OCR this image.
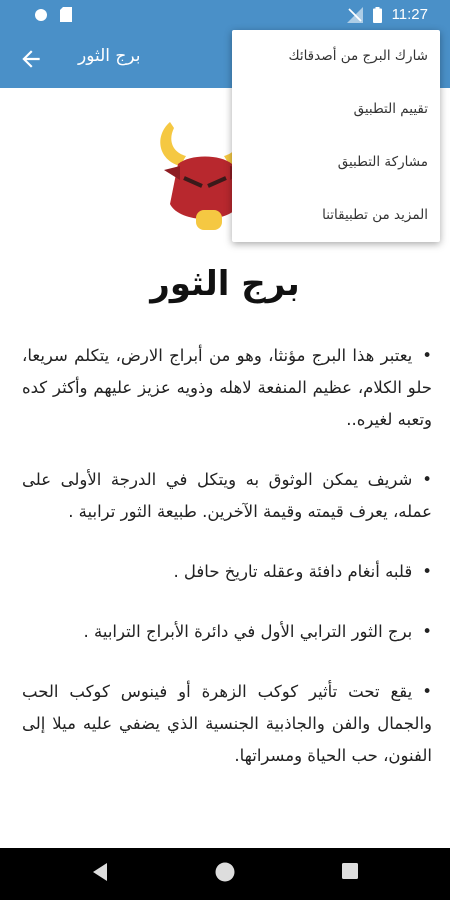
11:27
برج الثور
برج الثور

•يعتبر هذا البرج مؤنثا، وهو من أبراج الارض، يتكلم سريعا، حلو الكلام، عظيم المنفعة لاهله وذويه عزيز عليهم وأكثر كده وتعبه لغيره..

•شريف يمكن الوثوق به ويتكل في الدرجة الأولى على عمله، يعرف قيمته وقيمة الآخرين. طبيعة الثور ترابية .

•قلبه أنغام دافئة وعقله تاريخ حافل .

•برج الثور الترابي الأول في دائرة الأبراج الترابية .

•يقع تحت تأثير كوكب الزهرة أو فينوس كوكب الحب والجمال والفن والجاذبية الجنسية الذي يضفي عليه ميلا إلى الفنون، حب الحياة ومسراتها.

شارك البرج من أصدقائك
تقييم التطبيق
مشاركة التطبيق
المزيد من تطبيقاتنا
